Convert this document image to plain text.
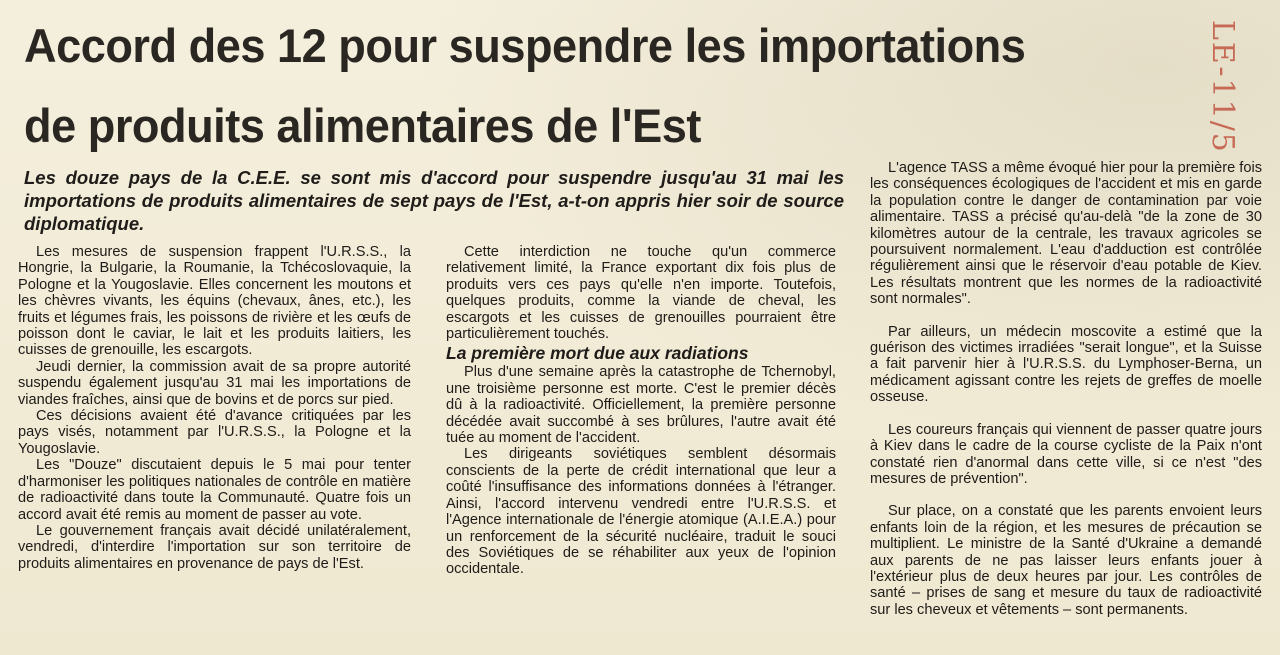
Accord des 12 pour suspendre les importations
de produits alimentaires de l'Est	LE-11/5

Les douze pays de la C.E.E. se sont mis d'accord pour suspendre jusqu'au 31 mai les importations de produits alimentaires de sept pays de l'Est, a-t-on appris hier soir de source diplomatique.

Les mesures de suspension frappent l'U.R.S.S., la Hongrie, la Bulgarie, la Roumanie, la Tchécoslovaquie, la Pologne et la Yougoslavie. Elles concernent les moutons et les chèvres vivants, les équins (chevaux, ânes, etc.), les fruits et légumes frais, les poissons de rivière et les œufs de poisson dont le caviar, le lait et les produits laitiers, les cuisses de grenouille, les escargots.

Jeudi dernier, la commission avait de sa propre autorité suspendu également jusqu'au 31 mai les importations de viandes fraîches, ainsi que de bovins et de porcs sur pied.

Ces décisions avaient été d'avance critiquées par les pays visés, notamment par l'U.R.S.S., la Pologne et la Yougoslavie.

Les "Douze" discutaient depuis le 5 mai pour tenter d'harmoniser les politiques nationales de contrôle en matière de radioactivité dans toute la Communauté. Quatre fois un accord avait été remis au moment de passer au vote.

Le gouvernement français avait décidé unilatéralement, vendredi, d'interdire l'importation sur son territoire de produits alimentaires en provenance de pays de l'Est.

Cette interdiction ne touche qu'un commerce relativement limité, la France exportant dix fois plus de produits vers ces pays qu'elle n'en importe. Toutefois, quelques produits, comme la viande de cheval, les escargots et les cuisses de grenouilles pourraient être particulièrement touchés.

La première mort due aux radiations

Plus d'une semaine après la catastrophe de Tchernobyl, une troisième personne est morte. C'est le premier décès dû à la radioactivité. Officiellement, la première personne décédée avait succombé à ses brûlures, l'autre avait été tuée au moment de l'accident.

Les dirigeants soviétiques semblent désormais conscients de la perte de crédit international que leur a coûté l'insuffisance des informations données à l'étranger. Ainsi, l'accord intervenu vendredi entre l'U.R.S.S. et l'Agence internationale de l'énergie atomique (A.I.E.A.) pour un renforcement de la sécurité nucléaire, traduit le souci des Soviétiques de se réhabiliter aux yeux de l'opinion occidentale.

L'agence TASS a même évoqué hier pour la première fois les conséquences écologiques de l'accident et mis en garde la population contre le danger de contamination par voie alimentaire. TASS a précisé qu'au-delà "de la zone de 30 kilomètres autour de la centrale, les travaux agricoles se poursuivent normalement. L'eau d'adduction est contrôlée régulièrement ainsi que le réservoir d'eau potable de Kiev. Les résultats montrent que les normes de la radioactivité sont normales".

Par ailleurs, un médecin moscovite a estimé que la guérison des victimes irradiées "serait longue", et la Suisse a fait parvenir hier à l'U.R.S.S. du Lymphoser-Berna, un médicament agissant contre les rejets de greffes de moelle osseuse.

Les coureurs français qui viennent de passer quatre jours à Kiev dans le cadre de la course cycliste de la Paix n'ont constaté rien d'anormal dans cette ville, si ce n'est "des mesures de prévention".

Sur place, on a constaté que les parents envoient leurs enfants loin de la région, et les mesures de précaution se multiplient. Le ministre de la Santé d'Ukraine a demandé aux parents de ne pas laisser leurs enfants jouer à l'extérieur plus de deux heures par jour. Les contrôles de santé – prises de sang et mesure du taux de radioactivité sur les cheveux et vêtements – sont permanents.
